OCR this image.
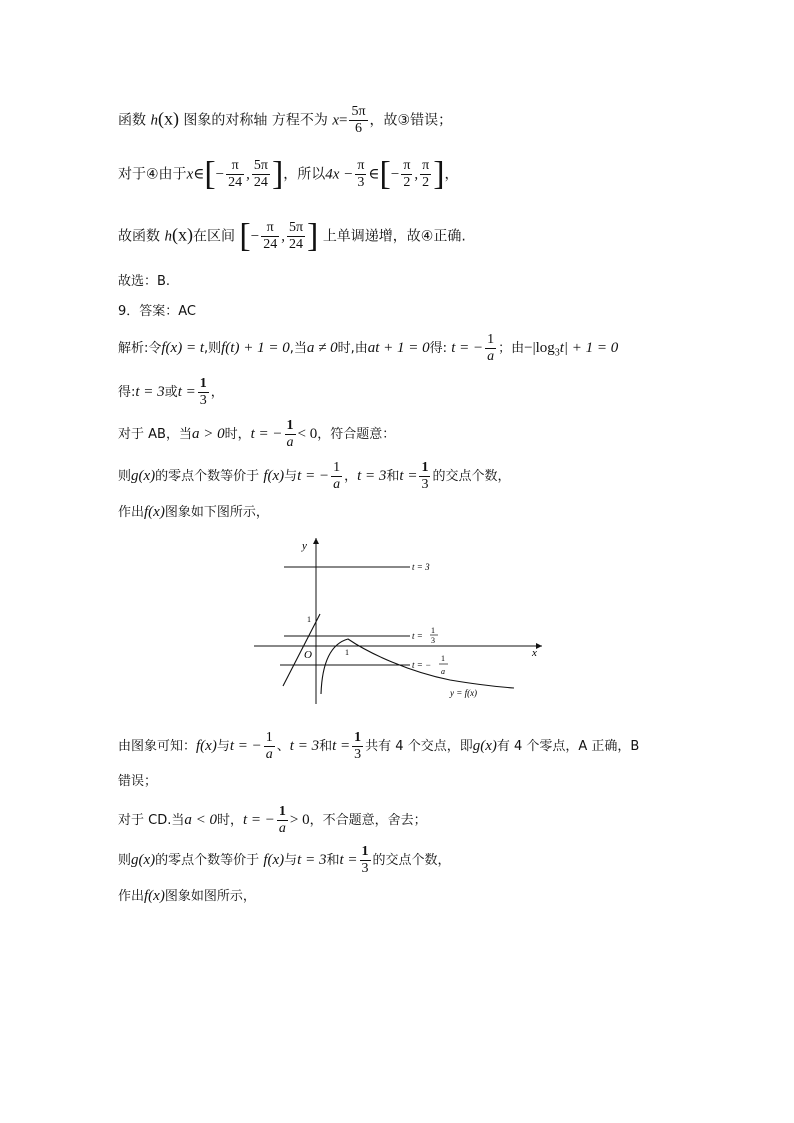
函数 h(x) 图象的对称轴 方程不为 $x= \frac{5\pi}{6}$ ，故③错误；
对于④由于x∈[− $\frac{\pi}{24}$ , $\frac{5\pi}{24}$ ]，所以$4x - \frac{\pi}{3}$ ∈[− $\frac{\pi}{2}$ , $\frac{\pi}{2}$ ]，
故函数 h(x)在区间 [− $\frac{\pi}{24}$ , $\frac{5\pi}{24}$ ] 上单调递增，故④正确.
故选：B.
9．答案：AC
解析:令f(x) = t,则f(t) + 1 = 0,当a ≠ 0时,由at + 1 = 0得: t = − $\frac{1}{a}$ ；由$-|\log_3t| + 1 = 0$
得:t = 3或$t = \frac{1}{3}$ ，
对于 AB，当a > 0时，t = − $\frac{1}{a} < 0$，符合题意：
则g(x)的零点个数等价于 f(x)与t = − $\frac{1}{a}$ ，t = 3和$t = \frac{1}{3}$ 的交点个数，
作出f(x)图象如下图所示，
y
x
O
t = 3
t =
1
3
t = −
1
a
1
1
y = f(x)
由图象可知：f(x)与t = − $\frac{1}{a}$ 、t = 3和$t = \frac{1}{3}$ 共有 4 个交点，即g(x)有 4 个零点，A 正确，B
错误；
对于 CD.当a < 0时，t = − $\frac{1}{a} > 0$，不合题意，舍去；
则g(x)的零点个数等价于 f(x)与t = 3和$t = \frac{1}{3}$ 的交点个数，
作出f(x)图象如图所示，
